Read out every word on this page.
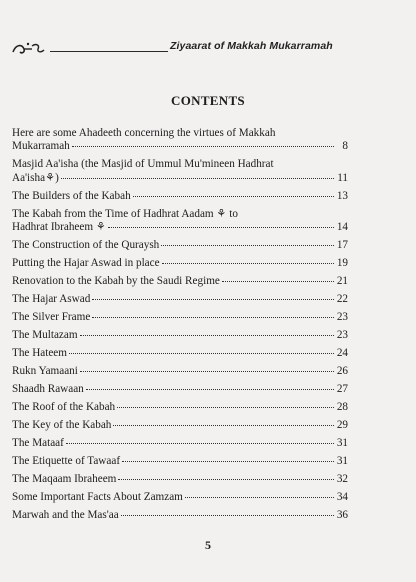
Ziyaarat of Makkah Mukarramah
CONTENTS
Here are some Ahadeeth concerning the virtues of Makkah
Mukarramah	8
Masjid Aa'isha (the Masjid of Ummul Mu'mineen Hadhrat
Aa'isha⚘)	11
The Builders of the Kabah	13
The Kabah from the Time of Hadhrat Aadam ⚘ to
Hadhrat Ibraheem ⚘	14
The Construction of the Quraysh	17
Putting the Hajar Aswad in place	19
Renovation to the Kabah by the Saudi Regime	21
The Hajar Aswad	22
The Silver Frame	23
The Multazam	23
The Hateem	24
Rukn Yamaani	26
Shaadh Rawaan	27
The Roof of the Kabah	28
The Key of the Kabah	29
The Mataaf	31
The Etiquette of Tawaaf	31
The Maqaam Ibraheem	32
Some Important Facts About Zamzam	34
Marwah and the Mas'aa	36
5
